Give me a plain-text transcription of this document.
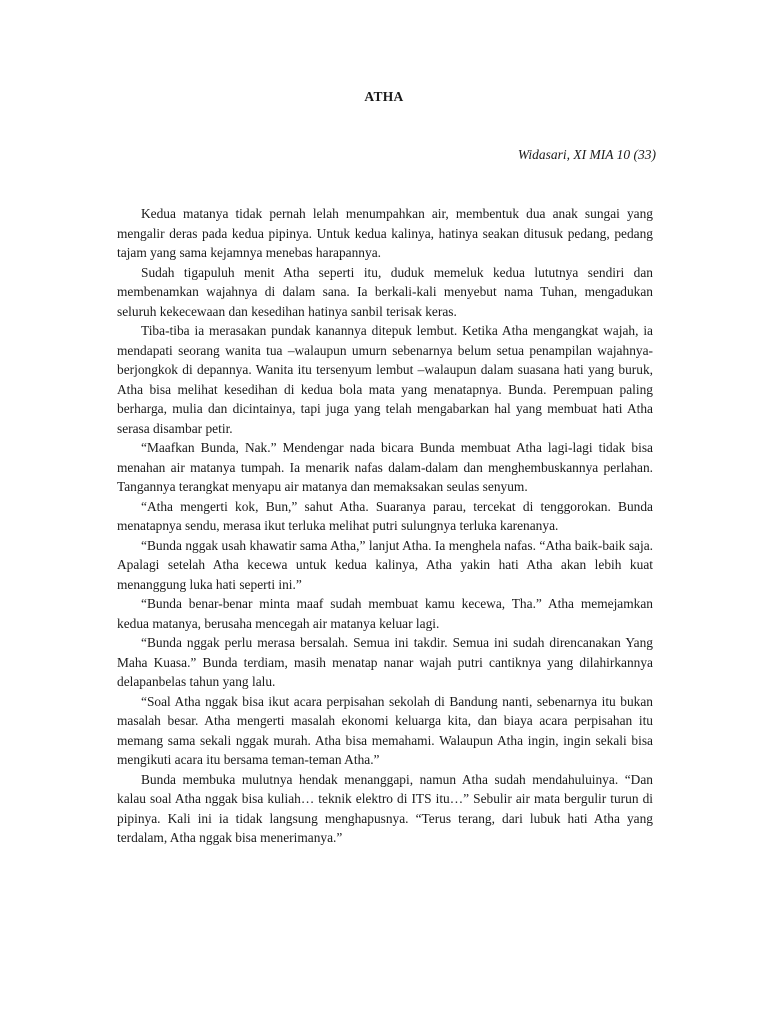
ATHA
Widasari, XI MIA 10 (33)

Kedua matanya tidak pernah lelah menumpahkan air, membentuk dua anak sungai yang mengalir deras pada kedua pipinya. Untuk kedua kalinya, hatinya seakan ditusuk pedang, pedang tajam yang sama kejamnya menebas harapannya.

Sudah tigapuluh menit Atha seperti itu, duduk memeluk kedua lututnya sendiri dan membenamkan wajahnya di dalam sana. Ia berkali-kali menyebut nama Tuhan, mengadukan seluruh kekecewaan dan kesedihan hatinya sanbil terisak keras.

Tiba-tiba ia merasakan pundak kanannya ditepuk lembut. Ketika Atha mengangkat wajah, ia mendapati seorang wanita tua –walaupun umurn sebenarnya belum setua penampilan wajahnya- berjongkok di depannya. Wanita itu tersenyum lembut –walaupun dalam suasana hati yang buruk, Atha bisa melihat kesedihan di kedua bola mata yang menatapnya. Bunda. Perempuan paling berharga, mulia dan dicintainya, tapi juga yang telah mengabarkan hal yang membuat hati Atha serasa disambar petir.

“Maafkan Bunda, Nak.” Mendengar nada bicara Bunda membuat Atha lagi-lagi tidak bisa menahan air matanya tumpah. Ia menarik nafas dalam-dalam dan menghembuskannya perlahan. Tangannya terangkat menyapu air matanya dan memaksakan seulas senyum.

“Atha mengerti kok, Bun,” sahut Atha. Suaranya parau, tercekat di tenggorokan. Bunda menatapnya sendu, merasa ikut terluka melihat putri sulungnya terluka karenanya.

“Bunda nggak usah khawatir sama Atha,” lanjut Atha. Ia menghela nafas. “Atha baik-baik saja. Apalagi setelah Atha kecewa untuk kedua kalinya, Atha yakin hati Atha akan lebih kuat menanggung luka hati seperti ini.”

“Bunda benar-benar minta maaf sudah membuat kamu kecewa, Tha.” Atha memejamkan kedua matanya, berusaha mencegah air matanya keluar lagi.

“Bunda nggak perlu merasa bersalah. Semua ini takdir. Semua ini sudah direncanakan Yang Maha Kuasa.” Bunda terdiam, masih menatap nanar wajah putri cantiknya yang dilahirkannya delapanbelas tahun yang lalu.

“Soal Atha nggak bisa ikut acara perpisahan sekolah di Bandung nanti, sebenarnya itu bukan masalah besar. Atha mengerti masalah ekonomi keluarga kita, dan biaya acara perpisahan itu memang sama sekali nggak murah. Atha bisa memahami. Walaupun Atha ingin, ingin sekali bisa mengikuti acara itu bersama teman-teman Atha.”

Bunda membuka mulutnya hendak menanggapi, namun Atha sudah mendahuluinya. “Dan kalau soal Atha nggak bisa kuliah… teknik elektro di ITS itu…” Sebulir air mata bergulir turun di pipinya. Kali ini ia tidak langsung menghapusnya. “Terus terang, dari lubuk hati Atha yang terdalam, Atha nggak bisa menerimanya.”
